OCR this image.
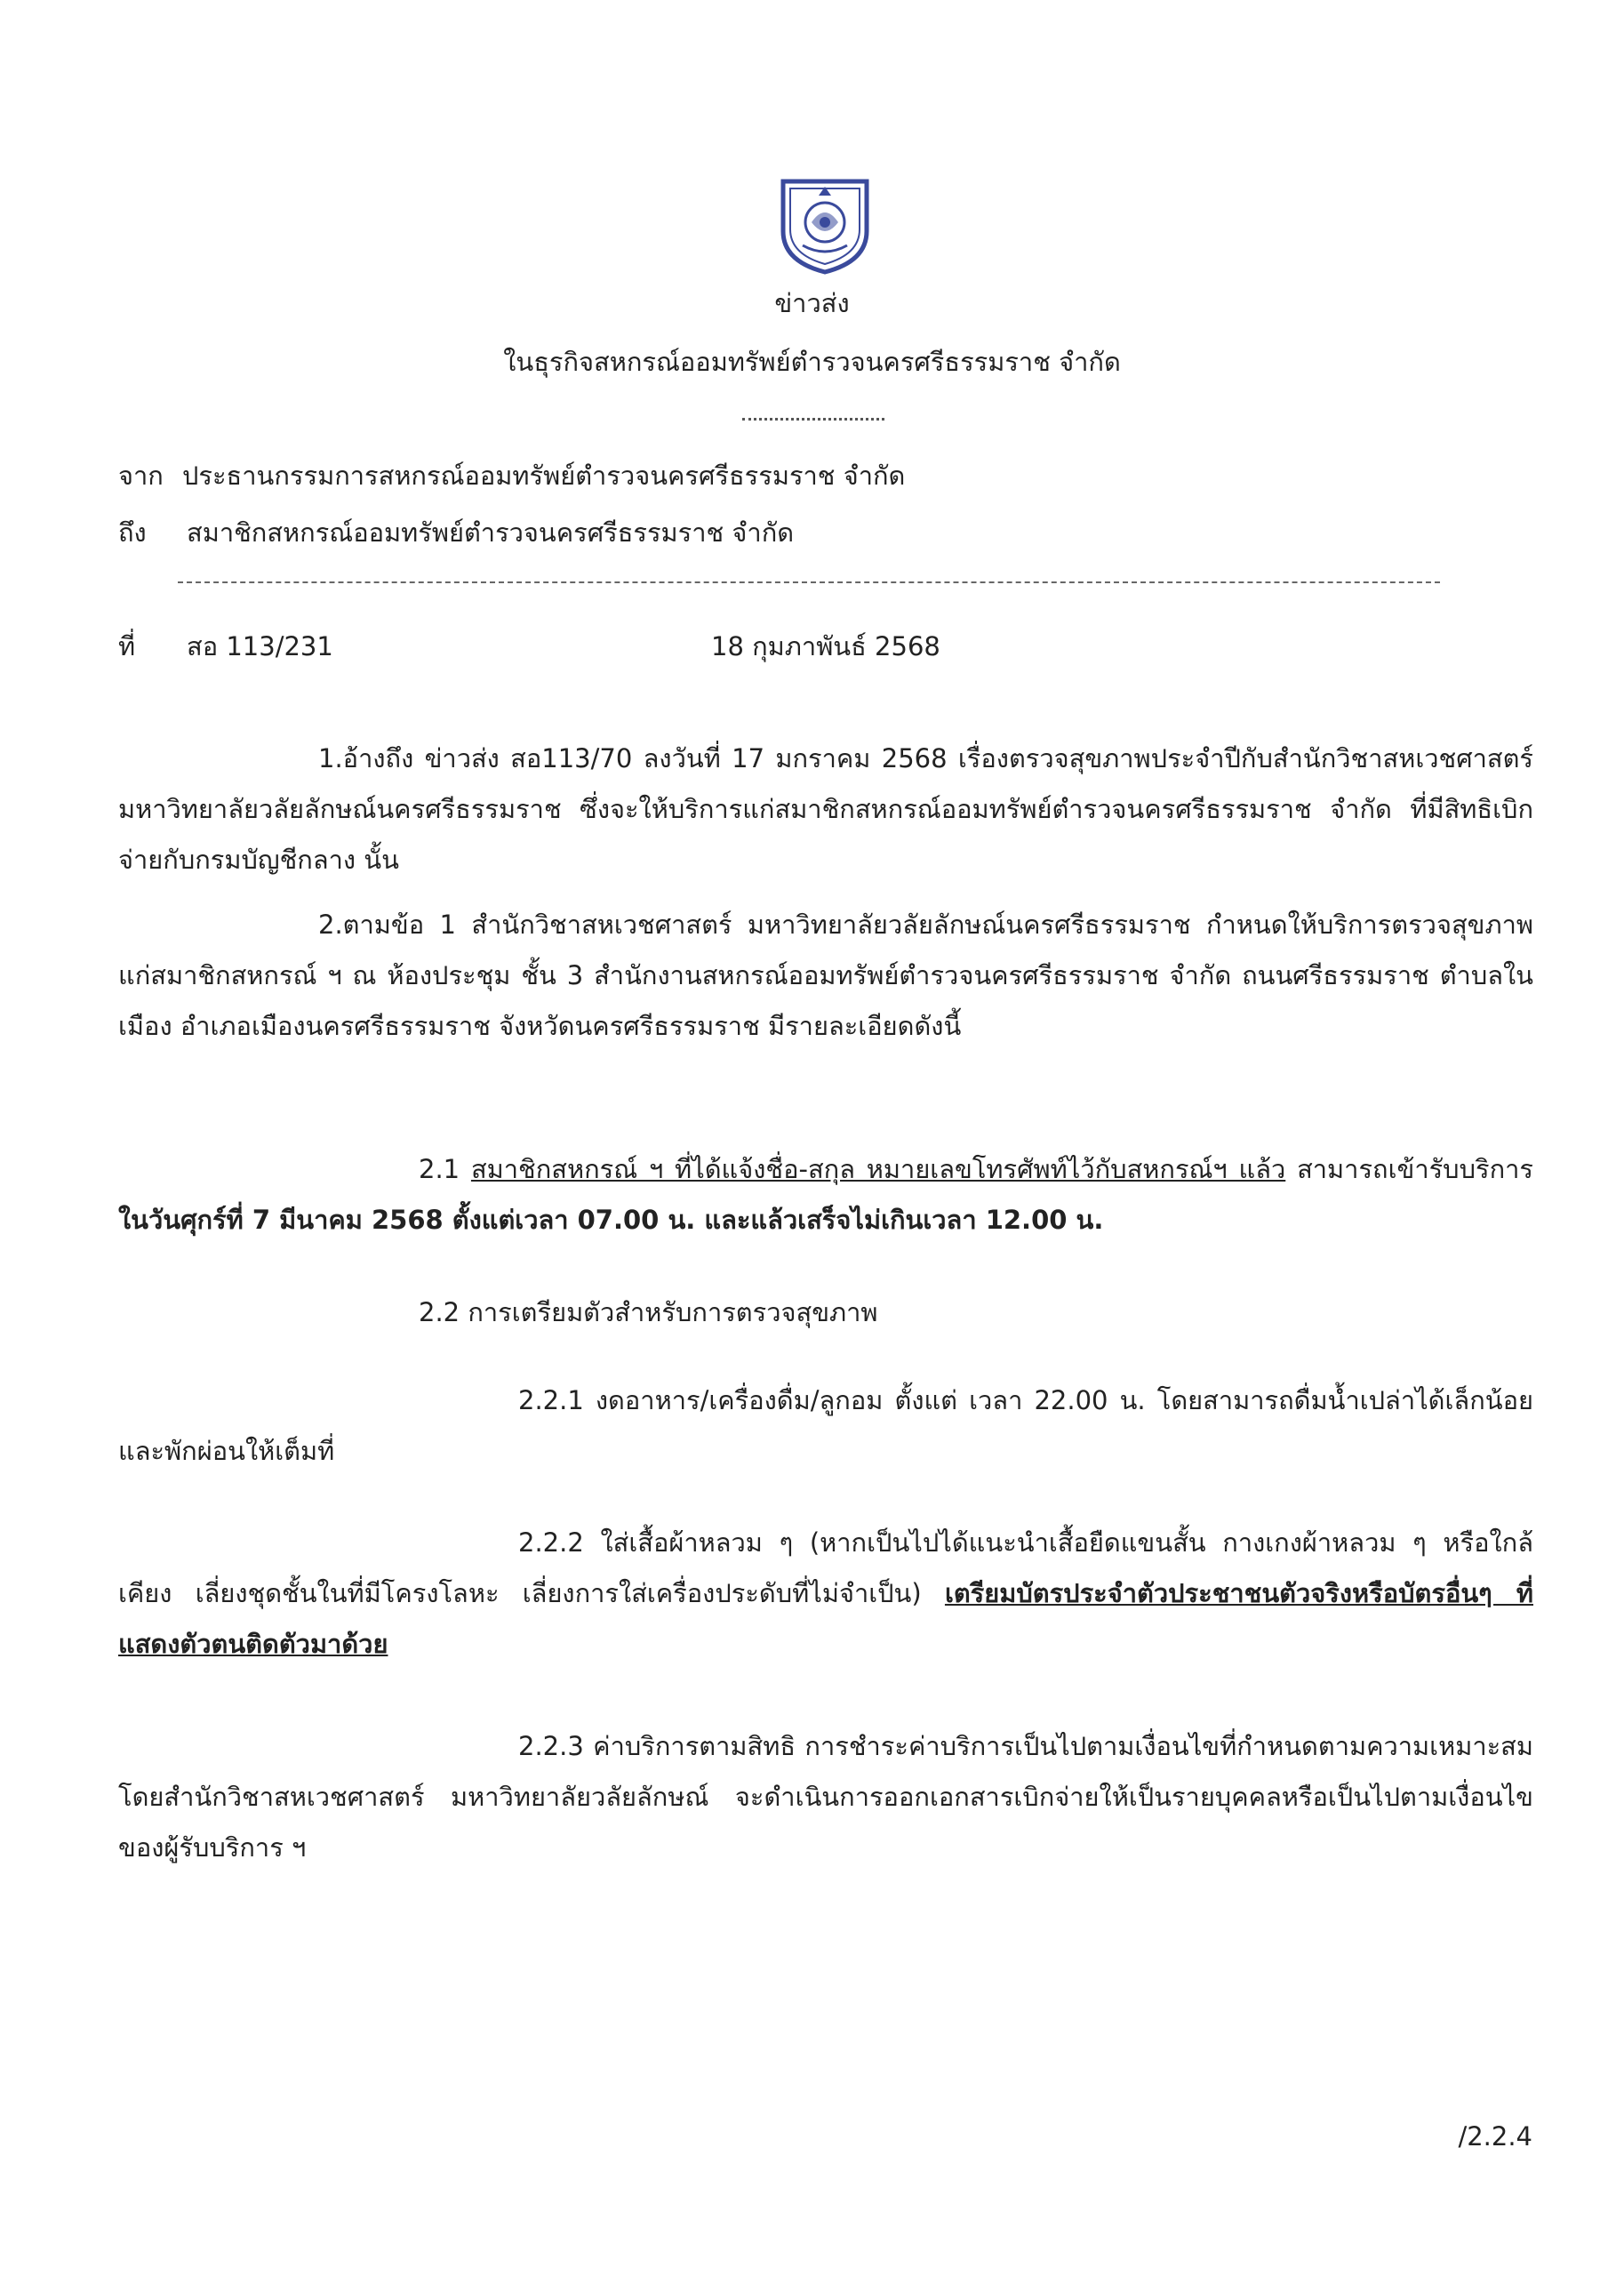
ข่าวส่ง
ในธุรกิจสหกรณ์ออมทรัพย์ตำรวจนครศรีธรรมราช จำกัด
จาก ประธานกรรมการสหกรณ์ออมทรัพย์ตำรวจนครศรีธรรมราช จำกัด
ถึง สมาชิกสหกรณ์ออมทรัพย์ตำรวจนครศรีธรรมราช จำกัด
ที่ สอ 113/231	18 กุมภาพันธ์ 2568
1.อ้างถึง ข่าวส่ง สอ113/70 ลงวันที่ 17 มกราคม 2568 เรื่องตรวจสุขภาพประจำปีกับสำนักวิชาสหเวชศาสตร์ มหาวิทยาลัยวลัยลักษณ์นครศรีธรรมราช ซึ่งจะให้บริการแก่สมาชิกสหกรณ์ออมทรัพย์ตำรวจนครศรีธรรมราช จำกัด ที่มีสิทธิเบิกจ่ายกับกรมบัญชีกลาง นั้น
2.ตามข้อ 1 สำนักวิชาสหเวชศาสตร์ มหาวิทยาลัยวลัยลักษณ์นครศรีธรรมราช กำหนดให้บริการตรวจสุขภาพแก่สมาชิกสหกรณ์ ฯ ณ ห้องประชุม ชั้น 3 สำนักงานสหกรณ์ออมทรัพย์ตำรวจนครศรีธรรมราช จำกัด ถนนศรีธรรมราช ตำบลในเมือง อำเภอเมืองนครศรีธรรมราช จังหวัดนครศรีธรรมราช มีรายละเอียดดังนี้
2.1 สมาชิกสหกรณ์ ฯ ที่ได้แจ้งชื่อ-สกุล หมายเลขโทรศัพท์ไว้กับสหกรณ์ฯ แล้ว สามารถเข้ารับบริการในวันศุกร์ที่ 7 มีนาคม 2568 ตั้งแต่เวลา 07.00 น. และแล้วเสร็จไม่เกินเวลา 12.00 น.
2.2 การเตรียมตัวสำหรับการตรวจสุขภาพ
2.2.1 งดอาหาร/เครื่องดื่ม/ลูกอม ตั้งแต่ เวลา 22.00 น. โดยสามารถดื่มน้ำเปล่าได้เล็กน้อย และพักผ่อนให้เต็มที่
2.2.2 ใส่เสื้อผ้าหลวม ๆ (หากเป็นไปได้แนะนำเสื้อยืดแขนสั้น กางเกงผ้าหลวม ๆ หรือใกล้เคียง เลี่ยงชุดชั้นในที่มีโครงโลหะ เลี่ยงการใส่เครื่องประดับที่ไม่จำเป็น) เตรียมบัตรประจำตัวประชาชนตัวจริงหรือบัตรอื่นๆ ที่แสดงตัวตนติดตัวมาด้วย
2.2.3 ค่าบริการตามสิทธิ การชำระค่าบริการเป็นไปตามเงื่อนไขที่กำหนดตามความเหมาะสม โดยสำนักวิชาสหเวชศาสตร์ มหาวิทยาลัยวลัยลักษณ์ จะดำเนินการออกเอกสารเบิกจ่ายให้เป็นรายบุคคลหรือเป็นไปตามเงื่อนไขของผู้รับบริการ ฯ
/2.2.4
